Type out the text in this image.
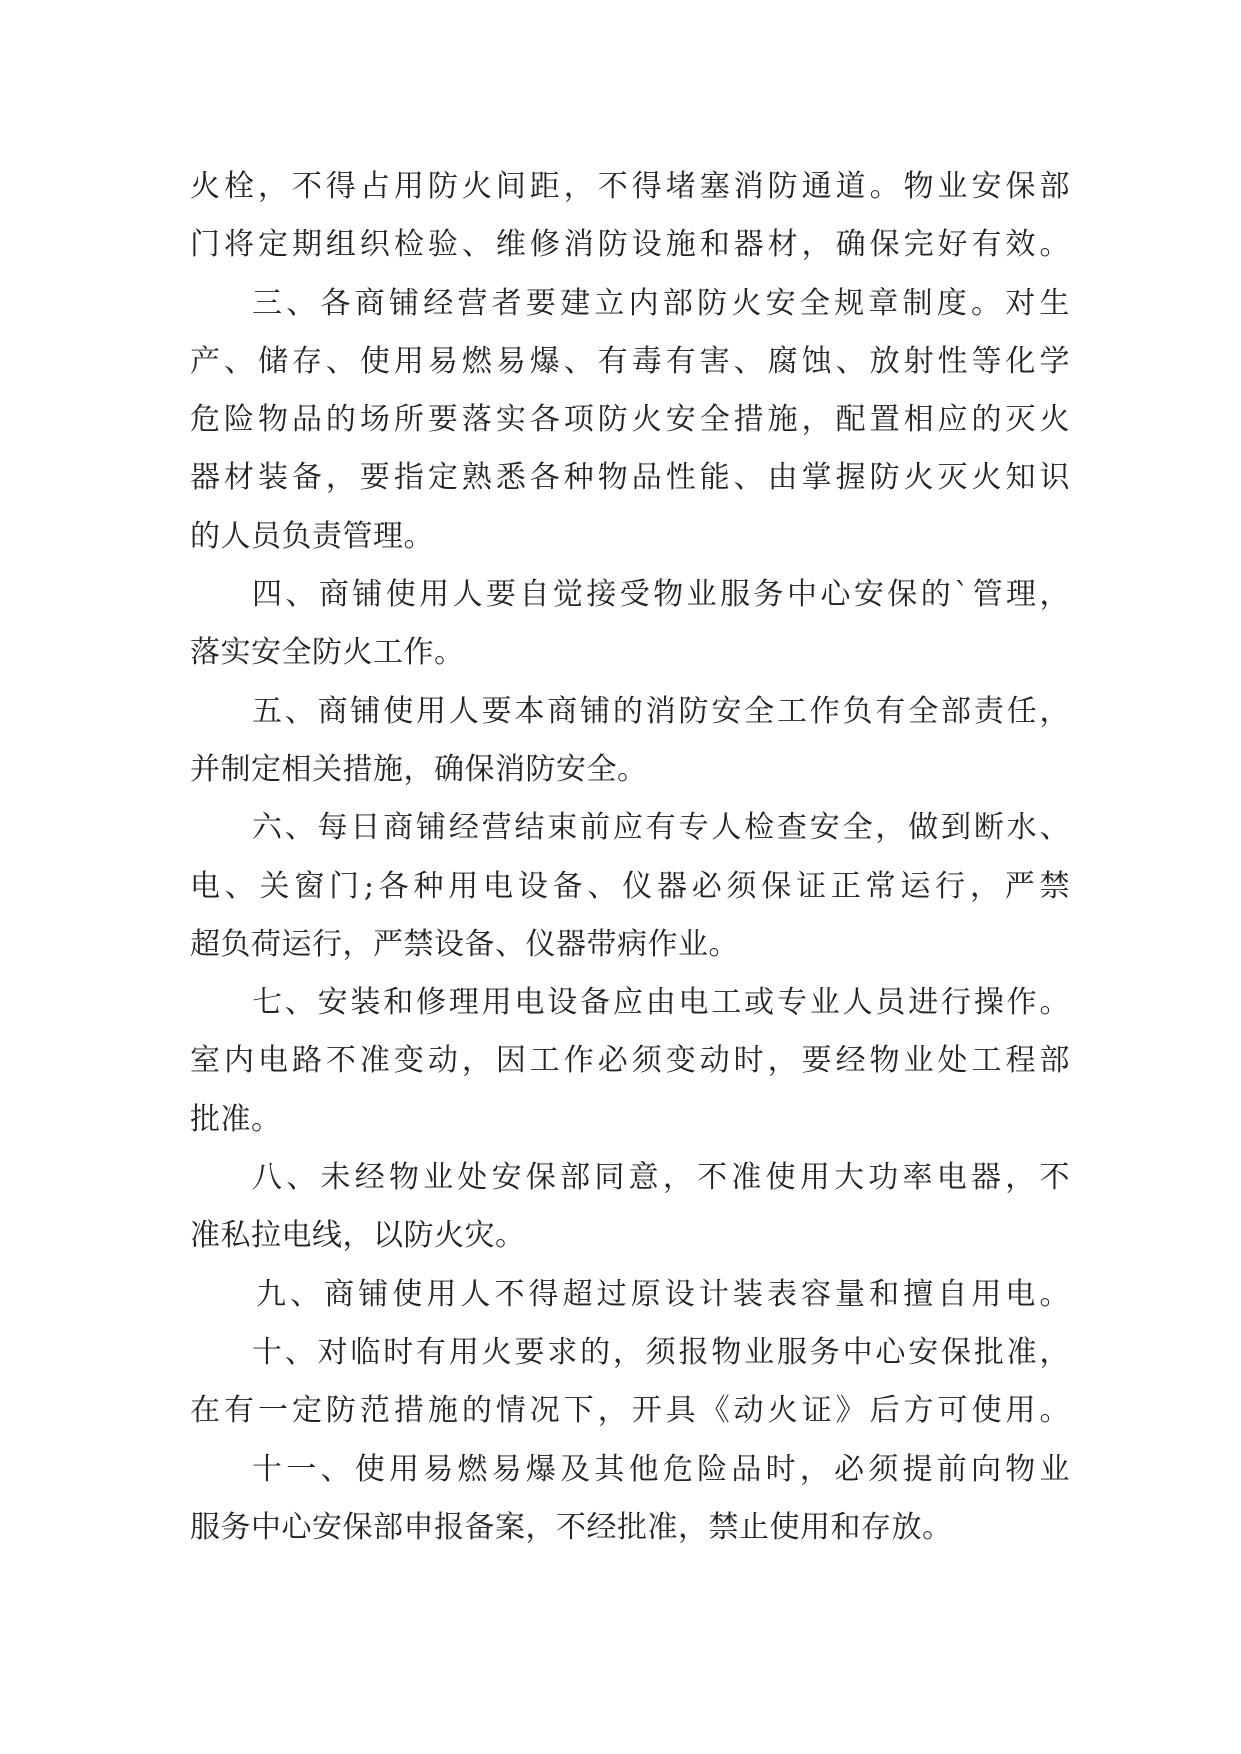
火栓，不得占用防火间距，不得堵塞消防通道。物业安保部
门将定期组织检验、维修消防设施和器材，确保完好有效。
三、各商铺经营者要建立内部防火安全规章制度。对生
产、储存、使用易燃易爆、有毒有害、腐蚀、放射性等化学
危险物品的场所要落实各项防火安全措施，配置相应的灭火
器材装备，要指定熟悉各种物品性能、由掌握防火灭火知识
的人员负责管理。
四、商铺使用人要自觉接受物业服务中心安保的`管理，
落实安全防火工作。
五、商铺使用人要本商铺的消防安全工作负有全部责任，
并制定相关措施，确保消防安全。
六、每日商铺经营结束前应有专人检查安全，做到断水、
电、关窗门;各种用电设备、仪器必须保证正常运行，严禁
超负荷运行，严禁设备、仪器带病作业。
七、安装和修理用电设备应由电工或专业人员进行操作。
室内电路不准变动，因工作必须变动时，要经物业处工程部
批准。
八、未经物业处安保部同意，不准使用大功率电器，不
准私拉电线，以防火灾。
九、商铺使用人不得超过原设计装表容量和擅自用电。
十、对临时有用火要求的，须报物业服务中心安保批准，
在有一定防范措施的情况下，开具《动火证》后方可使用。
十一、使用易燃易爆及其他危险品时，必须提前向物业
服务中心安保部申报备案，不经批准，禁止使用和存放。
